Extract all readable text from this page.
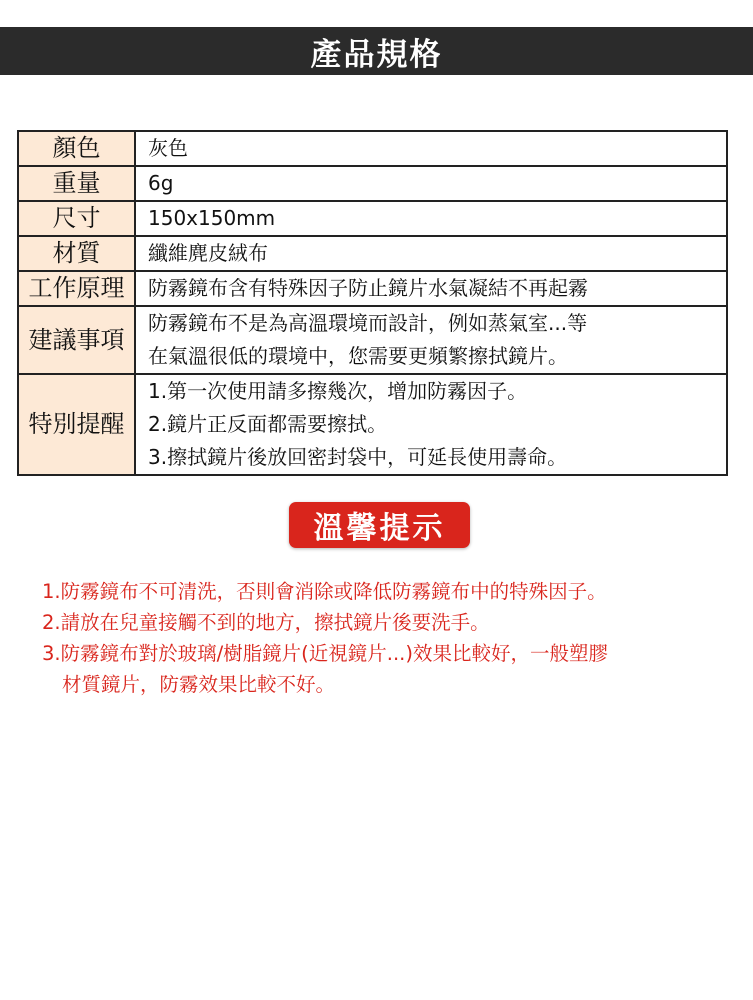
產品規格
顏色	灰色

重量	6g

尺寸	150x150mm

材質	纖維麂皮絨布

工作原理	防霧鏡布含有特殊因子防止鏡片水氣凝結不再起霧

建議事項	防霧鏡布不是為高溫環境而設計，例如蒸氣室...等
在氣溫很低的環境中，您需要更頻繁擦拭鏡片。

特別提醒	1.第一次使用請多擦幾次，增加防霧因子。
2.鏡片正反面都需要擦拭。
3.擦拭鏡片後放回密封袋中，可延長使用壽命。
溫馨提示
1.防霧鏡布不可清洗，否則會消除或降低防霧鏡布中的特殊因子。
2.請放在兒童接觸不到的地方，擦拭鏡片後要洗手。
3.防霧鏡布對於玻璃/樹脂鏡片(近視鏡片...)效果比較好，一般塑膠
材質鏡片，防霧效果比較不好。
